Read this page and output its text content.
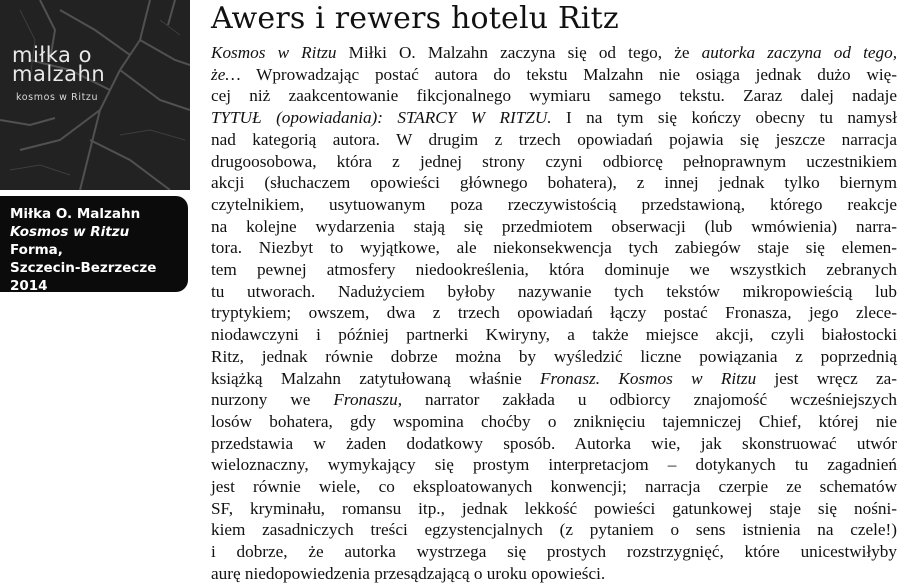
miłka o
malzahn
kosmos w Ritzu
Miłka O. Malzahn
Kosmos w Ritzu Forma,
Szczecin-Bezrzecze
2014
Awers i rewers hotelu Ritz
Kosmos w Ritzu Miłki O. Malzahn zaczyna się od tego, że autorka zaczyna od tego,
że… Wprowadzając postać autora do tekstu Malzahn nie osiąga jednak dużo wię-
cej niż zaakcentowanie fikcjonalnego wymiaru samego tekstu. Zaraz dalej nadaje
TYTUŁ (opowiadania): STARCY W RITZU. I na tym się kończy obecny tu namysł
nad kategorią autora. W drugim z trzech opowiadań pojawia się jeszcze narracja
drugoosobowa, która z jednej strony czyni odbiorcę pełnoprawnym uczestnikiem
akcji (słuchaczem opowieści głównego bohatera), z innej jednak tylko biernym
czytelnikiem, usytuowanym poza rzeczywistością przedstawioną, którego reakcje
na kolejne wydarzenia stają się przedmiotem obserwacji (lub wmówienia) narra-
tora. Niezbyt to wyjątkowe, ale niekonsekwencja tych zabiegów staje się elemen-
tem pewnej atmosfery niedookreślenia, która dominuje we wszystkich zebranych
tu utworach. Nadużyciem byłoby nazywanie tych tekstów mikropowieścią lub
tryptykiem; owszem, dwa z trzech opowiadań łączy postać Fronasza, jego zlece-
niodawczyni i później partnerki Kwiryny, a także miejsce akcji, czyli białostocki
Ritz, jednak równie dobrze można by wyśledzić liczne powiązania z poprzednią
książką Malzahn zatytułowaną właśnie Fronasz. Kosmos w Ritzu jest wręcz za-
nurzony we Fronaszu, narrator zakłada u odbiorcy znajomość wcześniejszych
losów bohatera, gdy wspomina choćby o zniknięciu tajemniczej Chief, której nie
przedstawia w żaden dodatkowy sposób. Autorka wie, jak skonstruować utwór
wieloznaczny, wymykający się prostym interpretacjom – dotykanych tu zagadnień
jest równie wiele, co eksploatowanych konwencji; narracja czerpie ze schematów
SF, kryminału, romansu itp., jednak lekkość powieści gatunkowej staje się nośni-
kiem zasadniczych treści egzystencjalnych (z pytaniem o sens istnienia na czele!)
i dobrze, że autorka wystrzega się prostych rozstrzygnięć, które unicestwiłyby
aurę niedopowiedzenia przesądzającą o uroku opowieści.
